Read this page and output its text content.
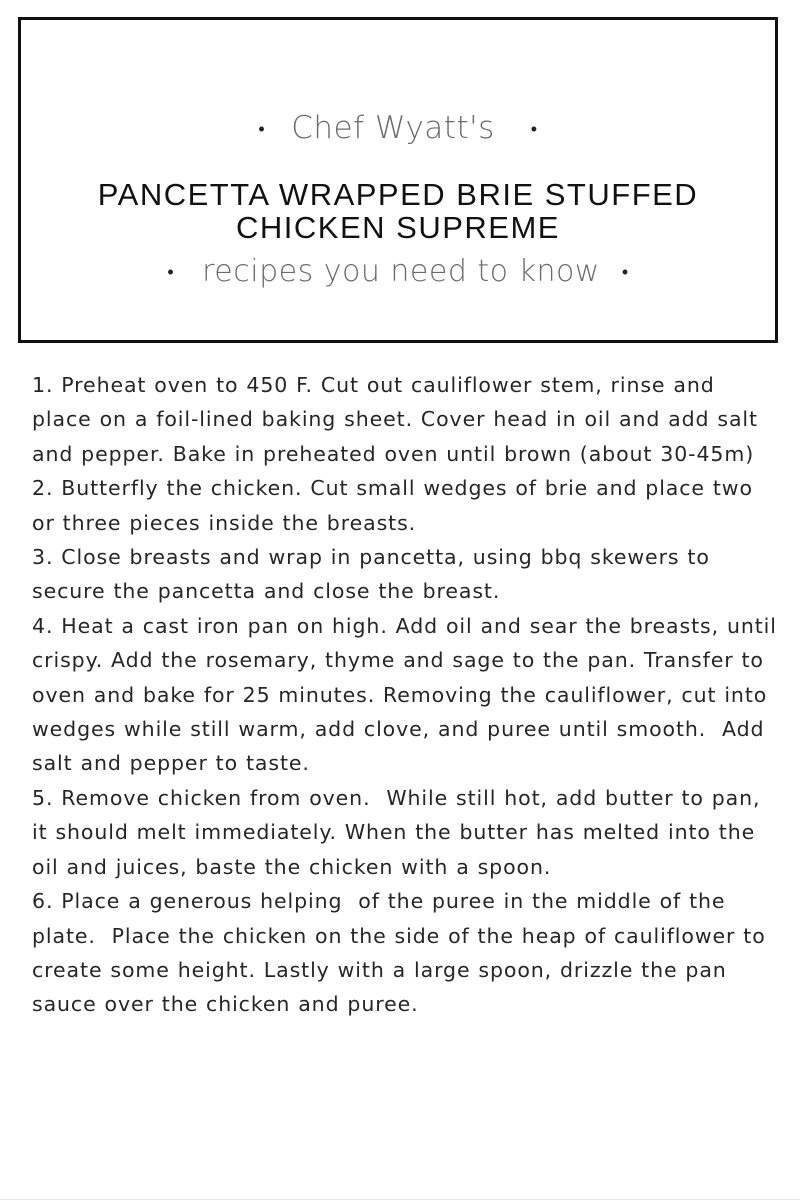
• Chef Wyatt's •
PANCETTA WRAPPED BRIE STUFFED
CHICKEN SUPREME
• recipes you need to know •
1. Preheat oven to 450 F. Cut out cauliflower stem, rinse and place on a foil-lined baking sheet. Cover head in oil and add salt and pepper. Bake in preheated oven until brown (about 30-45m)
2. Butterfly the chicken. Cut small wedges of brie and place two or three pieces inside the breasts.
3. Close breasts and wrap in pancetta, using bbq skewers to secure the pancetta and close the breast.
4. Heat a cast iron pan on high. Add oil and sear the breasts, until crispy. Add the rosemary, thyme and sage to the pan. Transfer to oven and bake for 25 minutes. Removing the cauliflower, cut into wedges while still warm, add clove, and puree until smooth.  Add salt and pepper to taste.
5. Remove chicken from oven.  While still hot, add butter to pan, it should melt immediately. When the butter has melted into the oil and juices, baste the chicken with a spoon.
6. Place a generous helping  of the puree in the middle of the plate.  Place the chicken on the side of the heap of cauliflower to create some height. Lastly with a large spoon, drizzle the pan sauce over the chicken and puree.
